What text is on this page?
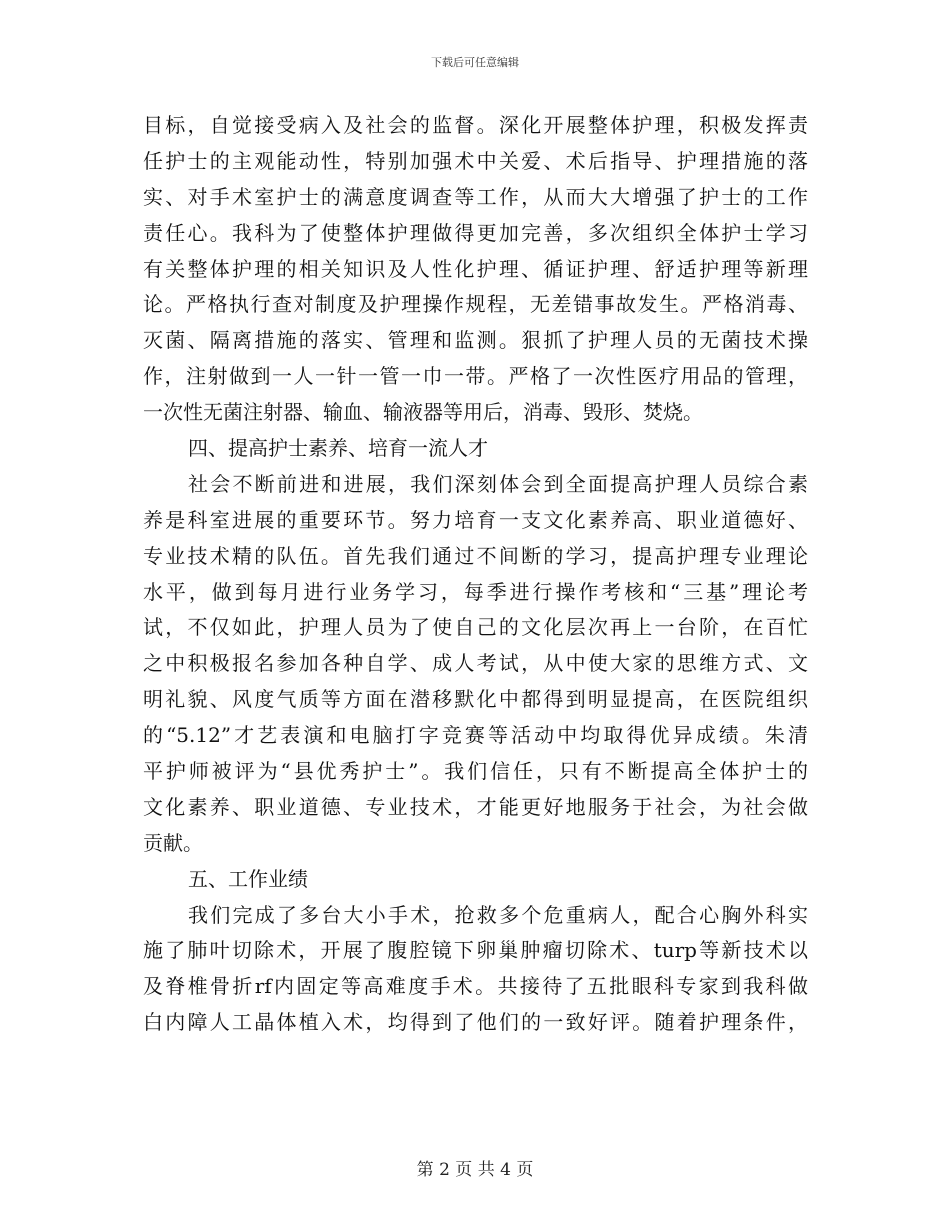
下载后可任意编辑
目标，自觉接受病入及社会的监督。深化开展整体护理，积极发挥责
任护士的主观能动性，特别加强术中关爱、术后指导、护理措施的落
实、对手术室护士的满意度调查等工作，从而大大增强了护士的工作
责任心。我科为了使整体护理做得更加完善，多次组织全体护士学习
有关整体护理的相关知识及人性化护理、循证护理、舒适护理等新理
论。严格执行查对制度及护理操作规程，无差错事故发生。严格消毒、
灭菌、隔离措施的落实、管理和监测。狠抓了护理人员的无菌技术操
作，注射做到一人一针一管一巾一带。严格了一次性医疗用品的管理，
一次性无菌注射器、输血、输液器等用后，消毒、毁形、焚烧。
四、提高护士素养、培育一流人才
社会不断前进和进展，我们深刻体会到全面提高护理人员综合素
养是科室进展的重要环节。努力培育一支文化素养高、职业道德好、
专业技术精的队伍。首先我们通过不间断的学习，提高护理专业理论
水平，做到每月进行业务学习，每季进行操作考核和“三基”理论考
试，不仅如此，护理人员为了使自己的文化层次再上一台阶，在百忙
之中积极报名参加各种自学、成人考试，从中使大家的思维方式、文
明礼貌、风度气质等方面在潜移默化中都得到明显提高，在医院组织
的“5.12”才艺表演和电脑打字竞赛等活动中均取得优异成绩。朱清
平护师被评为“县优秀护士”。我们信任，只有不断提高全体护士的
文化素养、职业道德、专业技术，才能更好地服务于社会，为社会做
贡献。
五、工作业绩
我们完成了多台大小手术，抢救多个危重病人，配合心胸外科实
施了肺叶切除术，开展了腹腔镜下卵巢肿瘤切除术、turp等新技术以
及脊椎骨折rf内固定等高难度手术。共接待了五批眼科专家到我科做
白内障人工晶体植入术，均得到了他们的一致好评。随着护理条件，
第 2 页 共 4 页
